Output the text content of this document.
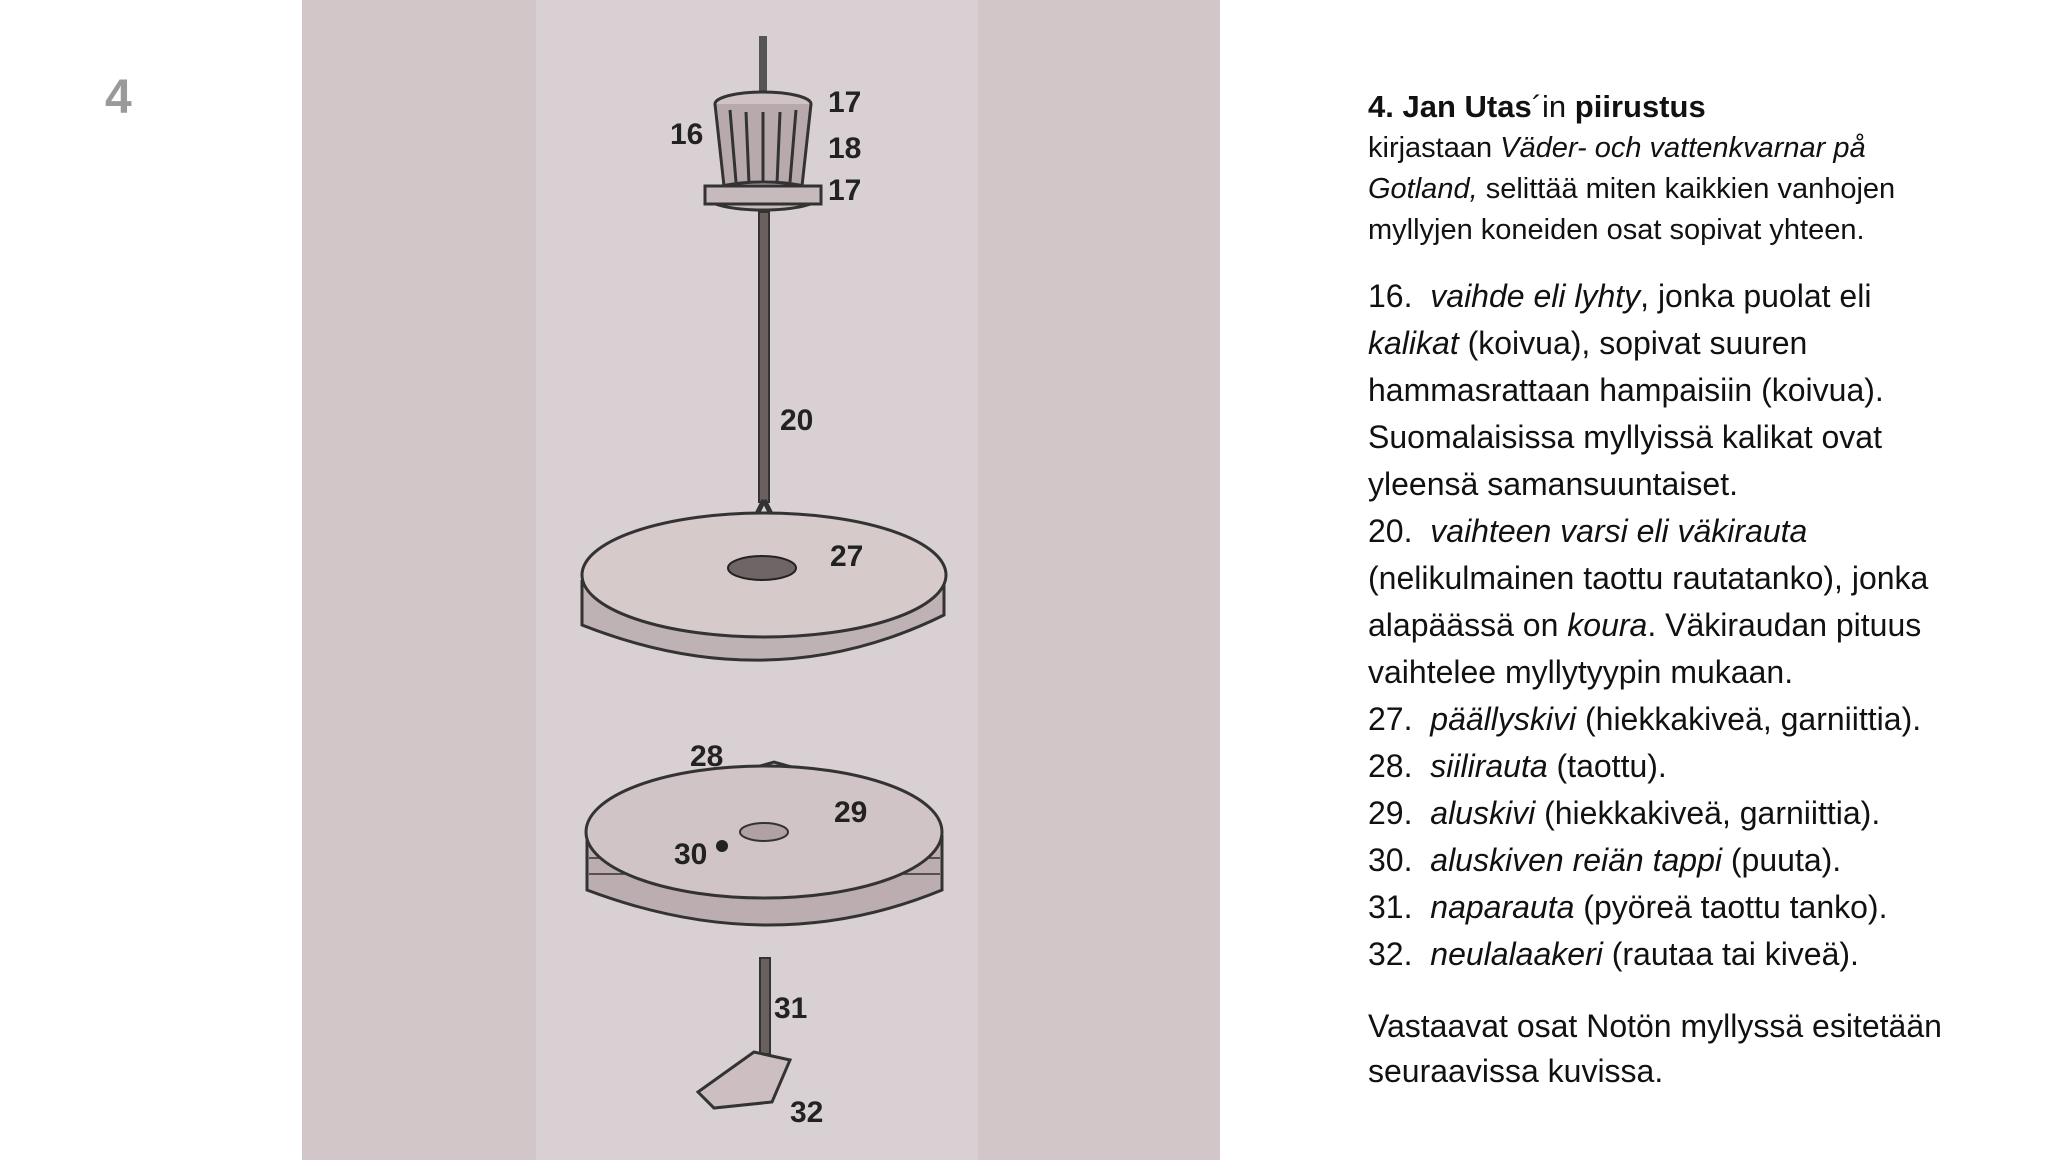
4
16
17
18
17
20
27
28
29
30
31
32
4. Jan Utas´in piirustus
kirjastaan Väder- och vattenkvarnar på
Gotland, selittää miten kaikkien vanhojen
myllyjen koneiden osat sopivat yhteen.
16. vaihde eli lyhty, jonka puolat eli
kalikat (koivua), sopivat suuren
hammasrattaan hampaisiin (koivua).
Suomalaisissa myllyissä kalikat ovat
yleensä samansuuntaiset.
20. vaihteen varsi eli väkirauta
(nelikulmainen taottu rautatanko), jonka
alapäässä on koura. Väkiraudan pituus
vaihtelee myllytyypin mukaan.
27. päällyskivi (hiekkakiveä, garniittia).
28. siilirauta (taottu).
29. aluskivi (hiekkakiveä, garniittia).
30. aluskiven reiän tappi (puuta).
31. naparauta (pyöreä taottu tanko).
32. neulalaakeri (rautaa tai kiveä).
Vastaavat osat Notön myllyssä esitetään
seuraavissa kuvissa.
